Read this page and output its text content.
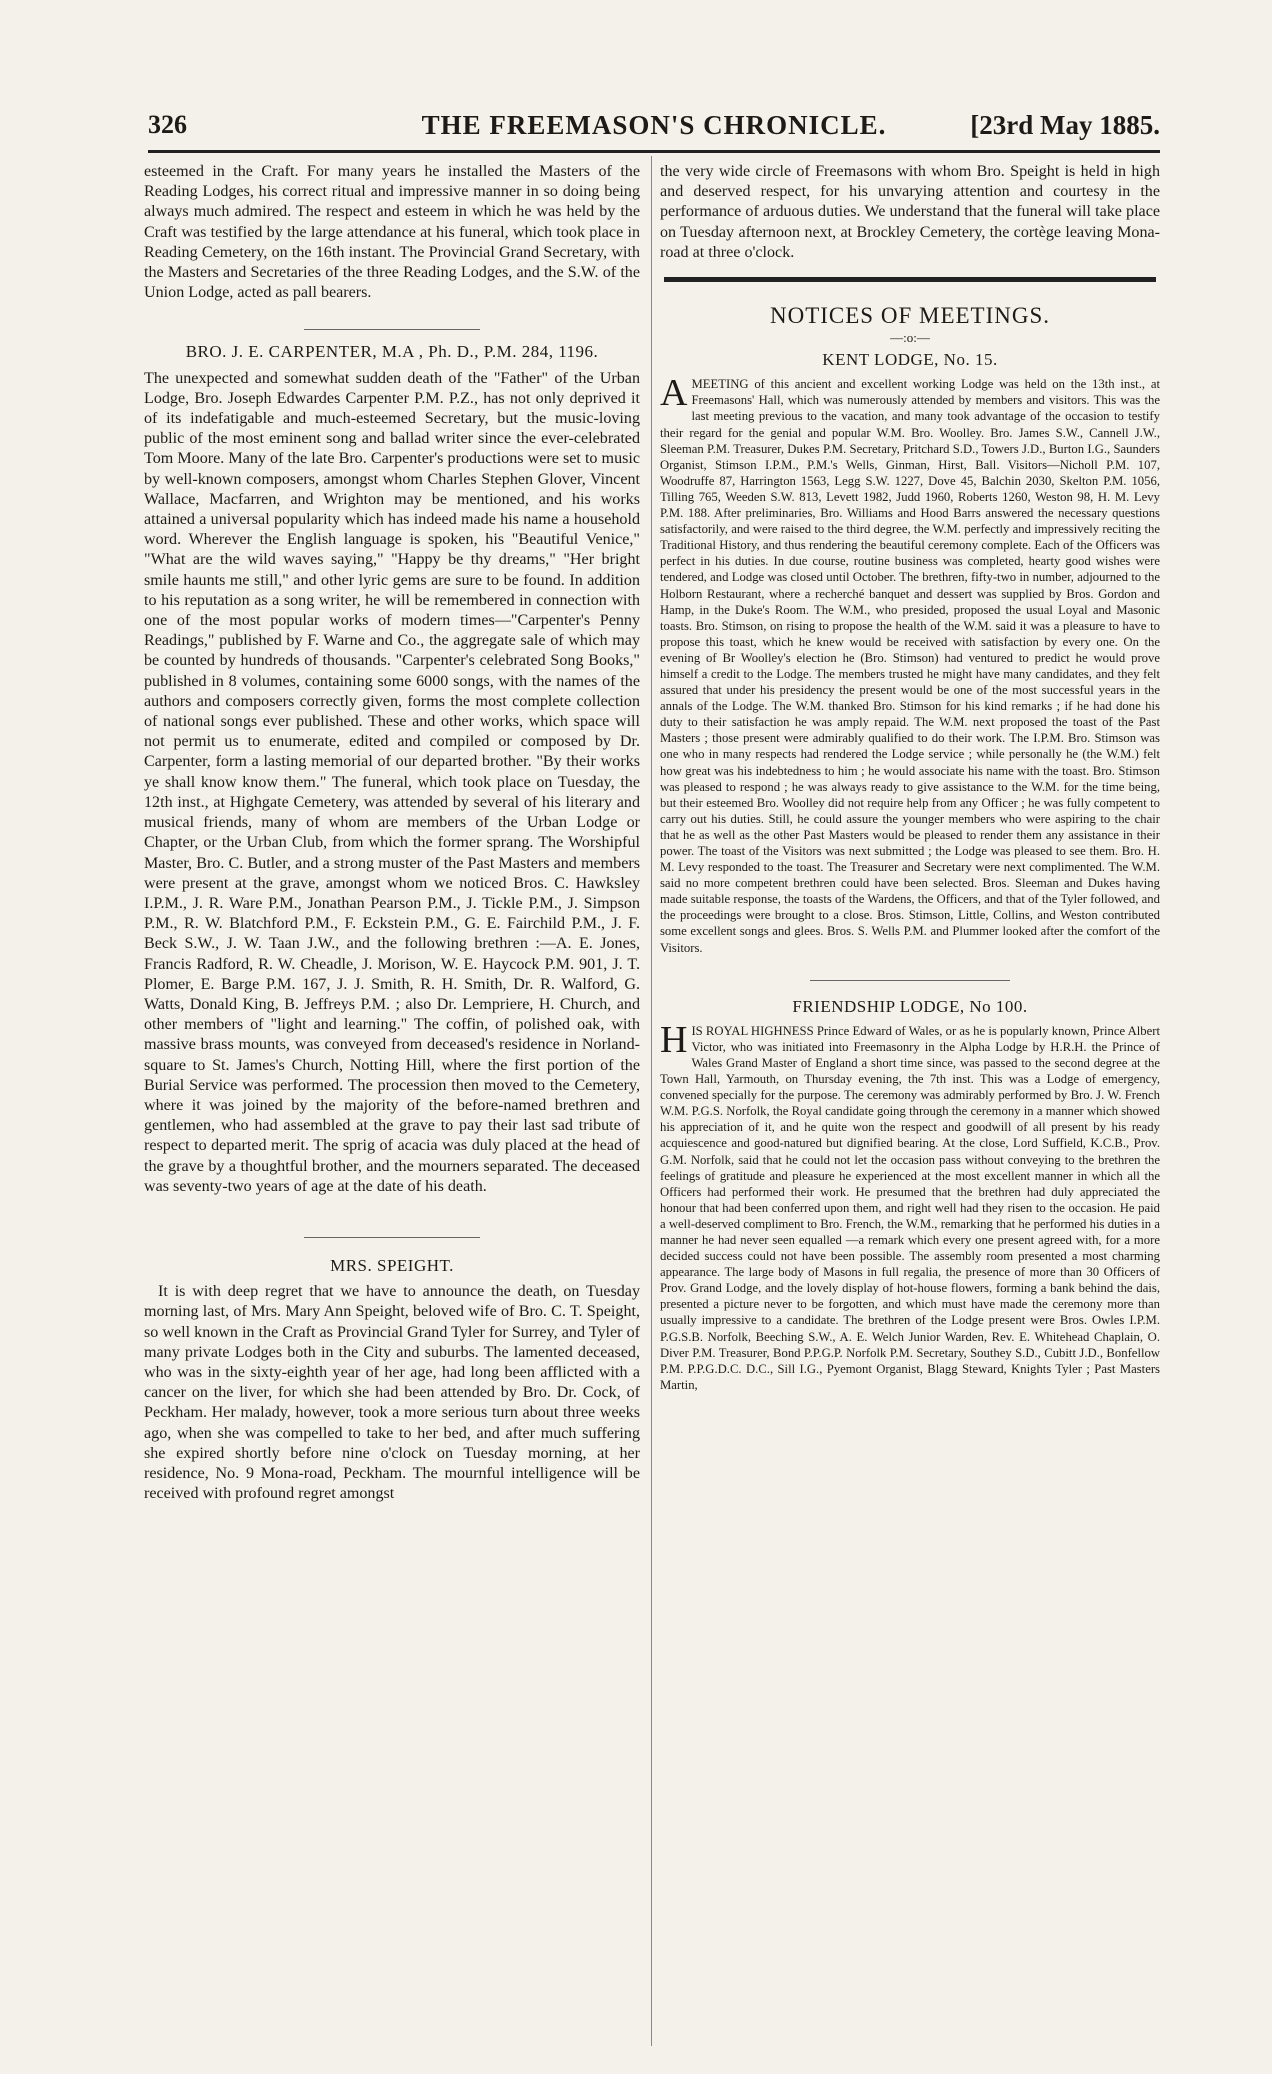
326	THE FREEMASON'S CHRONICLE.	[23rd May 1885.

esteemed in the Craft. For many years he installed the Masters of the Reading Lodges, his correct ritual and impressive manner in so doing being always much admired. The respect and esteem in which he was held by the Craft was testified by the large attendance at his funeral, which took place in Reading Cemetery, on the 16th instant. The Provincial Grand Secretary, with the Masters and Secretaries of the three Reading Lodges, and the S.W. of the Union Lodge, acted as pall bearers.

BRO. J. E. CARPENTER, M.A , Ph. D., P.M. 284, 1196.

The unexpected and somewhat sudden death of the "Father" of the Urban Lodge, Bro. Joseph Edwardes Carpenter P.M. P.Z., has not only deprived it of its indefatigable and much-esteemed Secretary, but the music-loving public of the most eminent song and ballad writer since the ever-celebrated Tom Moore. Many of the late Bro. Carpenter's productions were set to music by well-known composers, amongst whom Charles Stephen Glover, Vincent Wallace, Macfarren, and Wrighton may be mentioned, and his works attained a universal popularity which has indeed made his name a household word. Wherever the English language is spoken, his "Beautiful Venice," "What are the wild waves saying," "Happy be thy dreams," "Her bright smile haunts me still," and other lyric gems are sure to be found. In addition to his reputation as a song writer, he will be remembered in connection with one of the most popular works of modern times—"Carpenter's Penny Readings," published by F. Warne and Co., the aggregate sale of which may be counted by hundreds of thousands. "Carpenter's celebrated Song Books," published in 8 volumes, containing some 6000 songs, with the names of the authors and composers correctly given, forms the most complete collection of national songs ever published. These and other works, which space will not permit us to enumerate, edited and compiled or composed by Dr. Carpenter, form a lasting memorial of our departed brother. "By their works ye shall know know them." The funeral, which took place on Tuesday, the 12th inst., at Highgate Cemetery, was attended by several of his literary and musical friends, many of whom are members of the Urban Lodge or Chapter, or the Urban Club, from which the former sprang. The Worshipful Master, Bro. C. Butler, and a strong muster of the Past Masters and members were present at the grave, amongst whom we noticed Bros. C. Hawksley I.P.M., J. R. Ware P.M., Jonathan Pearson P.M., J. Tickle P.M., J. Simpson P.M., R. W. Blatchford P.M., F. Eckstein P.M., G. E. Fairchild P.M., J. F. Beck S.W., J. W. Taan J.W., and the following brethren :—A. E. Jones, Francis Radford, R. W. Cheadle, J. Morison, W. E. Haycock P.M. 901, J. T. Plomer, E. Barge P.M. 167, J. J. Smith, R. H. Smith, Dr. R. Walford, G. Watts, Donald King, B. Jeffreys P.M. ; also Dr. Lempriere, H. Church, and other members of "light and learning." The coffin, of polished oak, with massive brass mounts, was conveyed from deceased's residence in Norland-square to St. James's Church, Notting Hill, where the first portion of the Burial Service was performed. The procession then moved to the Cemetery, where it was joined by the majority of the before-named brethren and gentlemen, who had assembled at the grave to pay their last sad tribute of respect to departed merit. The sprig of acacia was duly placed at the head of the grave by a thoughtful brother, and the mourners separated. The deceased was seventy-two years of age at the date of his death.

MRS. SPEIGHT.

It is with deep regret that we have to announce the death, on Tuesday morning last, of Mrs. Mary Ann Speight, beloved wife of Bro. C. T. Speight, so well known in the Craft as Provincial Grand Tyler for Surrey, and Tyler of many private Lodges both in the City and suburbs. The lamented deceased, who was in the sixty-eighth year of her age, had long been afflicted with a cancer on the liver, for which she had been attended by Bro. Dr. Cock, of Peckham. Her malady, however, took a more serious turn about three weeks ago, when she was compelled to take to her bed, and after much suffering she expired shortly before nine o'clock on Tuesday morning, at her residence, No. 9 Mona-road, Peckham. The mournful intelligence will be received with profound regret amongst

the very wide circle of Freemasons with whom Bro. Speight is held in high and deserved respect, for his unvarying attention and courtesy in the performance of arduous duties. We understand that the funeral will take place on Tuesday afternoon next, at Brockley Cemetery, the cortège leaving Mona-road at three o'clock.

NOTICES OF MEETINGS.
—:o:—
KENT LODGE, No. 15.

AMEETING of this ancient and excellent working Lodge was held on the 13th inst., at Freemasons' Hall, which was numerously attended by members and visitors. This was the last meeting previous to the vacation, and many took advantage of the occasion to testify their regard for the genial and popular W.M. Bro. Woolley. Bro. James S.W., Cannell J.W., Sleeman P.M. Treasurer, Dukes P.M. Secretary, Pritchard S.D., Towers J.D., Burton I.G., Saunders Organist, Stimson I.P.M., P.M.'s Wells, Ginman, Hirst, Ball. Visitors—Nicholl P.M. 107, Woodruffe 87, Harrington 1563, Legg S.W. 1227, Dove 45, Balchin 2030, Skelton P.M. 1056, Tilling 765, Weeden S.W. 813, Levett 1982, Judd 1960, Roberts 1260, Weston 98, H. M. Levy P.M. 188. After preliminaries, Bro. Williams and Hood Barrs answered the necessary questions satisfactorily, and were raised to the third degree, the W.M. perfectly and impressively reciting the Traditional History, and thus rendering the beautiful ceremony complete. Each of the Officers was perfect in his duties. In due course, routine business was completed, hearty good wishes were tendered, and Lodge was closed until October. The brethren, fifty-two in number, adjourned to the Holborn Restaurant, where a recherché banquet and dessert was supplied by Bros. Gordon and Hamp, in the Duke's Room. The W.M., who presided, proposed the usual Loyal and Masonic toasts. Bro. Stimson, on rising to propose the health of the W.M. said it was a pleasure to have to propose this toast, which he knew would be received with satisfaction by every one. On the evening of Br Woolley's election he (Bro. Stimson) had ventured to predict he would prove himself a credit to the Lodge. The members trusted he might have many candidates, and they felt assured that under his presidency the present would be one of the most successful years in the annals of the Lodge. The W.M. thanked Bro. Stimson for his kind remarks ; if he had done his duty to their satisfaction he was amply repaid. The W.M. next proposed the toast of the Past Masters ; those present were admirably qualified to do their work. The I.P.M. Bro. Stimson was one who in many respects had rendered the Lodge service ; while personally he (the W.M.) felt how great was his indebtedness to him ; he would associate his name with the toast. Bro. Stimson was pleased to respond ; he was always ready to give assistance to the W.M. for the time being, but their esteemed Bro. Woolley did not require help from any Officer ; he was fully competent to carry out his duties. Still, he could assure the younger members who were aspiring to the chair that he as well as the other Past Masters would be pleased to render them any assistance in their power. The toast of the Visitors was next submitted ; the Lodge was pleased to see them. Bro. H. M. Levy responded to the toast. The Treasurer and Secretary were next complimented. The W.M. said no more competent brethren could have been selected. Bros. Sleeman and Dukes having made suitable response, the toasts of the Wardens, the Officers, and that of the Tyler followed, and the proceedings were brought to a close. Bros. Stimson, Little, Collins, and Weston contributed some excellent songs and glees. Bros. S. Wells P.M. and Plummer looked after the comfort of the Visitors.

FRIENDSHIP LODGE, No 100.

HIS ROYAL HIGHNESS Prince Edward of Wales, or as he is popularly known, Prince Albert Victor, who was initiated into Freemasonry in the Alpha Lodge by H.R.H. the Prince of Wales Grand Master of England a short time since, was passed to the second degree at the Town Hall, Yarmouth, on Thursday evening, the 7th inst. This was a Lodge of emergency, convened specially for the purpose. The ceremony was admirably performed by Bro. J. W. French W.M. P.G.S. Norfolk, the Royal candidate going through the ceremony in a manner which showed his appreciation of it, and he quite won the respect and goodwill of all present by his ready acquiescence and good-natured but dignified bearing. At the close, Lord Suffield, K.C.B., Prov. G.M. Norfolk, said that he could not let the occasion pass without conveying to the brethren the feelings of gratitude and pleasure he experienced at the most excellent manner in which all the Officers had performed their work. He presumed that the brethren had duly appreciated the honour that had been conferred upon them, and right well had they risen to the occasion. He paid a well-deserved compliment to Bro. French, the W.M., remarking that he performed his duties in a manner he had never seen equalled —a remark which every one present agreed with, for a more decided success could not have been possible. The assembly room presented a most charming appearance. The large body of Masons in full regalia, the presence of more than 30 Officers of Prov. Grand Lodge, and the lovely display of hot-house flowers, forming a bank behind the dais, presented a picture never to be forgotten, and which must have made the ceremony more than usually impressive to a candidate. The brethren of the Lodge present were Bros. Owles I.P.M. P.G.S.B. Norfolk, Beeching S.W., A. E. Welch Junior Warden, Rev. E. Whitehead Chaplain, O. Diver P.M. Treasurer, Bond P.P.G.P. Norfolk P.M. Secretary, Southey S.D., Cubitt J.D., Bonfellow P.M. P.P.G.D.C. D.C., Sill I.G., Pyemont Organist, Blagg Steward, Knights Tyler ; Past Masters Martin,
